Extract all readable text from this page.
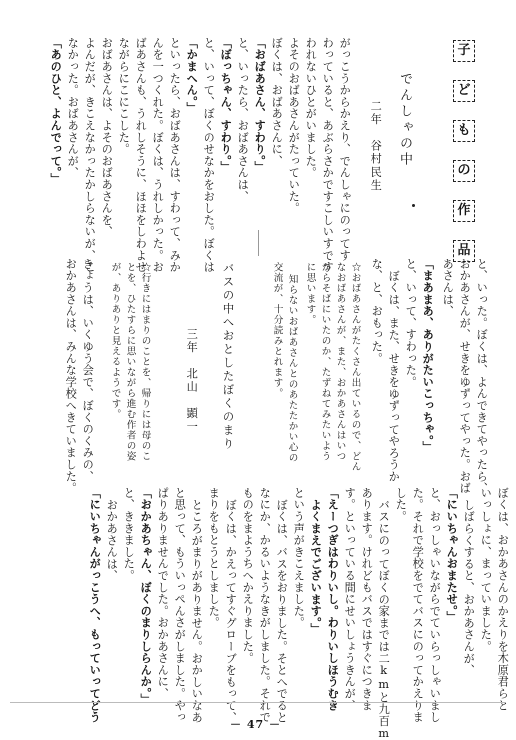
子
ど
も
の
作
品
でんしゃの中
二年　谷村民生
がっこうからかえり、でんしゃにのってす
わっていると、あぶらさかですこしいすです
われないひとがいました。
よそのおばあさんがたっていた。
ぼくは、おばあさんに、
「おばあさん、すわり。」
と、いったら、おばあさんは、
「ぼっちゃん、すわり。」
と、いって、ぼくのせなかをおした。ぼくは
「かまへん。」
といったら、おばあさんは、すわって、みか
んを一つくれた。ぼくは、うれしかった。お
ばあさんも、うれしそうに、ほほをしわよせ
ながらにこにこした。
おばあさんは、よそのおばあさんを、
よんだが、きこえなかったかしらないが、こ
なかった。おばあさんが、
「あのひと、よんでって。」
と、いった。ぼくは、よんできてやったら、
おかあさんが、せきをゆずってやった。おば
あさんは、
「まあまあ、ありがたいこっちゃ。」
と、いって、すわった。
ぼくは、また、せきをゆずってやろうか
な、と、おもった。
☆おばあさんがたくさん出ているので、どん
なおばあさんが、また、おかあさんはいつ
からそばにいたのか、たずねてみたいよう
に思います。
知らないおばあさんとのあたたかい心の
交流が、十分読みとれます。
バスの中へおとしたぼくのまり
三年　北山　顕一
☆行きにはまりのことを、帰りには母のこ
とを、ひたすらに思いながら進む作者の姿
が、ありありと見えるようです。
きょうは、いくゆう会で、ぼくのくみの、
おかあさんは、みんな学校へきていました。
ぼくは、おかあさんのかえりを木原君らと
いっしょに、まっていました。
しばらくすると、おかあさんが、
「にいちゃんおまたせ。」
と、おっしゃいながらでていらっしゃいまし
た。それで学校をでてバスにのってかえりま
した。
バスにのってぼくの家までは二kmと九百m
あります。けれどもバスではすぐにつきま
す。といっている間にせいしょうきんが、
「えーつぎはわりいし。わりいしほうむき
よくまえでございます。」
という声がきこえました。
ぼくは、バスをおりました。そとへでると
なにか、かるいようなきがしました。それで
ものをまようちへかえりました。
ぼくは、かえってすぐグローブをもって、
まりをもとうとしました。
ところがまりがありません。おかしいなあ
と思って、もういっぺんさがしました。やっ
ぱりありませんでした。おかあさんに、
「おかあちゃん、ぼくのまりしらんか。」
と、ききました。
おかあさんは、
「にいちゃんがっこうへ、もっていってどう
－ 47 －
